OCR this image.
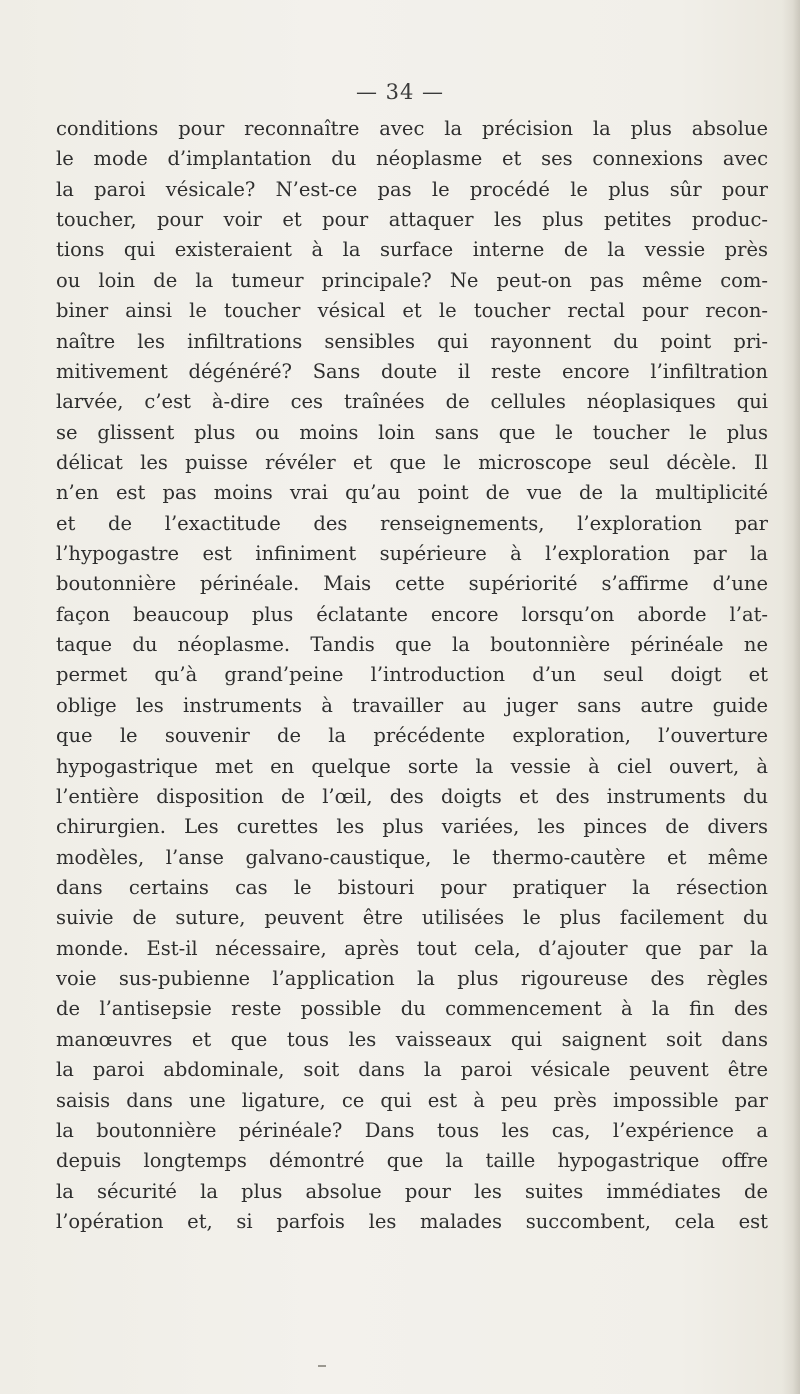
— 34 —
conditions pour reconnaître avec la précision la plus absolue
le mode d’implantation du néoplasme et ses connexions avec
la paroi vésicale? N’est-ce pas le procédé le plus sûr pour
toucher, pour voir et pour attaquer les plus petites produc-
tions qui existeraient à la surface interne de la vessie près
ou loin de la tumeur principale? Ne peut-on pas même com-
biner ainsi le toucher vésical et le toucher rectal pour recon-
naître les infiltrations sensibles qui rayonnent du point pri-
mitivement dégénéré? Sans doute il reste encore l’infiltration
larvée, c’est à-dire ces traînées de cellules néoplasiques qui
se glissent plus ou moins loin sans que le toucher le plus
délicat les puisse révéler et que le microscope seul décèle. Il
n’en est pas moins vrai qu’au point de vue de la multiplicité
et de l’exactitude des renseignements, l’exploration par
l’hypogastre est infiniment supérieure à l’exploration par la
boutonnière périnéale. Mais cette supériorité s’affirme d’une
façon beaucoup plus éclatante encore lorsqu’on aborde l’at-
taque du néoplasme. Tandis que la boutonnière périnéale ne
permet qu’à grand’peine l’introduction d’un seul doigt et
oblige les instruments à travailler au juger sans autre guide
que le souvenir de la précédente exploration, l’ouverture
hypogastrique met en quelque sorte la vessie à ciel ouvert, à
l’entière disposition de l’œil, des doigts et des instruments du
chirurgien. Les curettes les plus variées, les pinces de divers
modèles, l’anse galvano-caustique, le thermo-cautère et même
dans certains cas le bistouri pour pratiquer la résection
suivie de suture, peuvent être utilisées le plus facilement du
monde. Est-il nécessaire, après tout cela, d’ajouter que par la
voie sus-pubienne l’application la plus rigoureuse des règles
de l’antisepsie reste possible du commencement à la fin des
manœuvres et que tous les vaisseaux qui saignent soit dans
la paroi abdominale, soit dans la paroi vésicale peuvent être
saisis dans une ligature, ce qui est à peu près impossible par
la boutonnière périnéale? Dans tous les cas, l’expérience a
depuis longtemps démontré que la taille hypogastrique offre
la sécurité la plus absolue pour les suites immédiates de
l’opération et, si parfois les malades succombent, cela est
